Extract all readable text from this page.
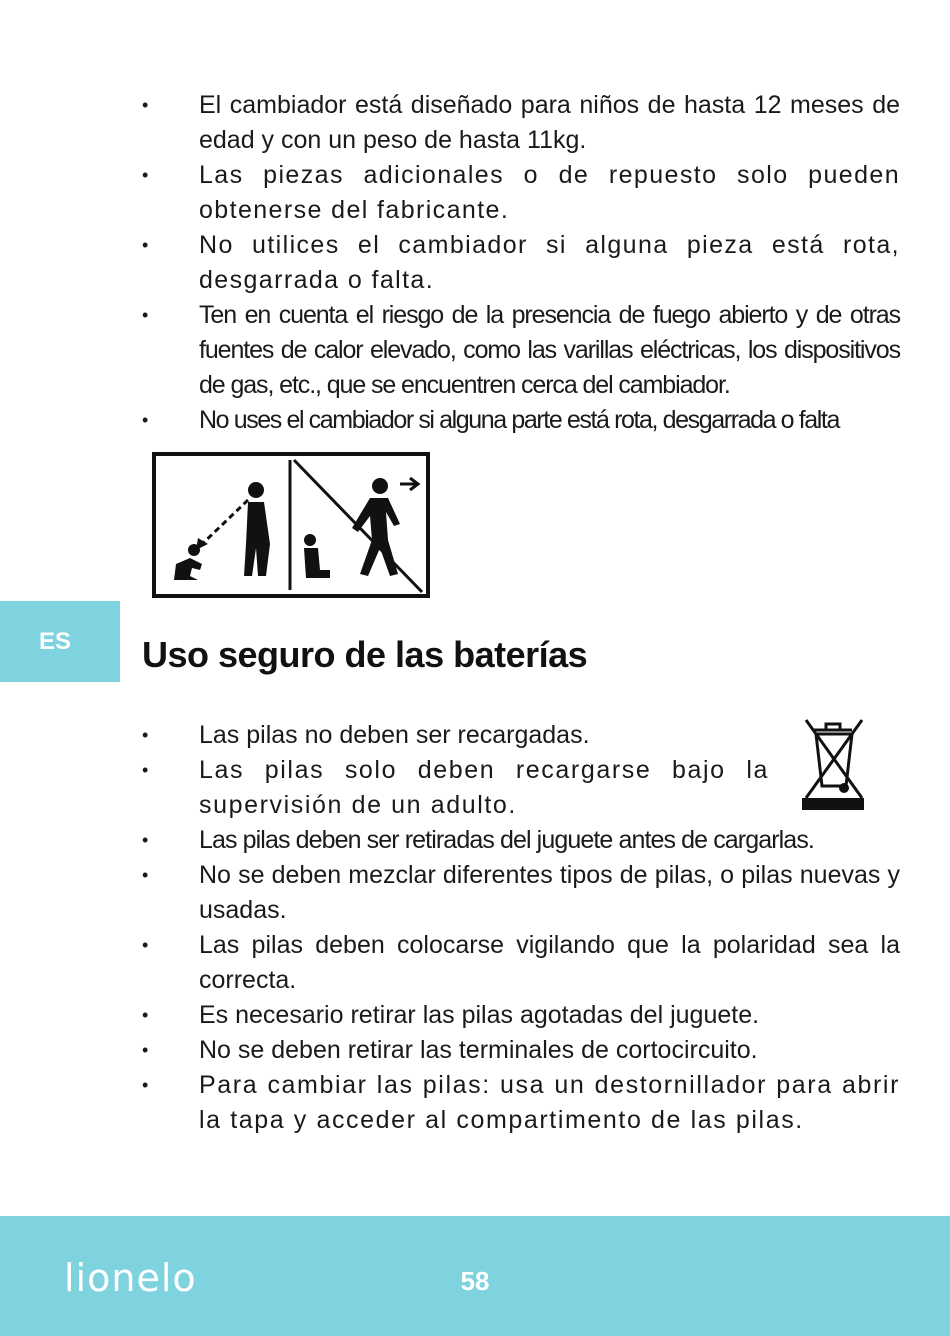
• El cambiador está diseñado para niños de hasta 12 meses de edad y con un peso de hasta 11kg.
• Las piezas adicionales o de repuesto solo pueden obtenerse del fabricante.
• No utilices el cambiador si alguna pieza está rota, desgarrada o falta.
• Ten en cuenta el riesgo de la presencia de fuego abierto y de otras fuentes de calor elevado, como las varillas eléctricas, los dispositivos de gas, etc., que se encuentren cerca del cambiador.
• No uses el cambiador si alguna parte está rota, desgarrada o falta
ES	Uso seguro de las baterías
• Las pilas no deben ser recargadas.
• Las pilas solo deben recargarse bajo la supervisión de un adulto.
• Las pilas deben ser retiradas del juguete antes de cargarlas.
• No se deben mezclar diferentes tipos de pilas, o pilas nuevas y usadas.
• Las pilas deben colocarse vigilando que la polaridad sea la correcta.
• Es necesario retirar las pilas agotadas del juguete.
• No se deben retirar las terminales de cortocircuito.
• Para cambiar las pilas: usa un destornillador para abrir la tapa y acceder al compartimento de las pilas.
lionelo	58
